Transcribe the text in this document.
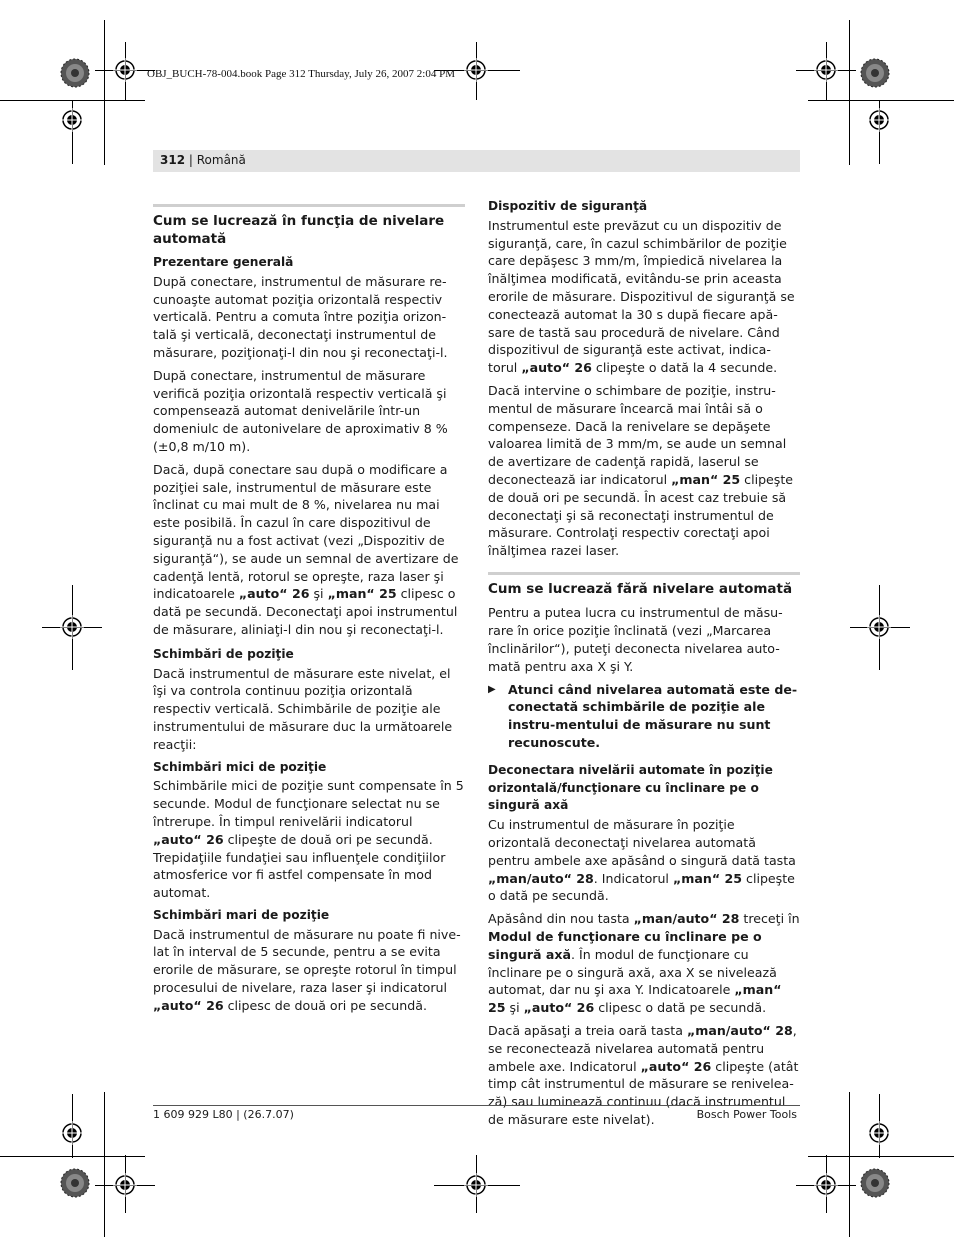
OBJ_BUCH-78-004.book Page 312 Thursday, July 26, 2007 2:04 PM
312 | Română
Cum se lucrează în funcţia de nivelare automată
Prezentare generală

După conectare, instrumentul de măsurare re-cunoaşte automat poziţia orizontală respectiv verticală. Pentru a comuta între poziţia orizon-tală şi verticală, deconectaţi instrumentul de măsurare, poziţionaţi-l din nou şi reconectaţi-l.

După conectare, instrumentul de măsurare verifică poziţia orizontală respectiv verticală şi compensează automat denivelările într-un domeniulc de autonivelare de aproximativ 8 % (±0,8 m/10 m).

Dacă, după conectare sau după o modificare a poziţiei sale, instrumentul de măsurare este înclinat cu mai mult de 8 %, nivelarea nu mai este posibilă. În cazul în care dispozitivul de siguranţă nu a fost activat (vezi „Dispozitiv de siguranţă“), se aude un semnal de avertizare de cadenţă lentă, rotorul se opreşte, raza laser şi indicatoarele „auto“ 26 şi „man“ 25 clipesc o dată pe secundă. Deconectaţi apoi instrumentul de măsurare, aliniaţi-l din nou şi reconectaţi-l.

Schimbări de poziţie

Dacă instrumentul de măsurare este nivelat, el îşi va controla continuu poziţia orizontală respectiv verticală. Schimbările de poziţie ale instrumentului de măsurare duc la următoarele reacţii:

Schimbări mici de poziţie

Schimbările mici de poziţie sunt compensate în 5 secunde. Modul de funcţionare selectat nu se întrerupe. În timpul renivelării indicatorul „auto“ 26 clipeşte de două ori pe secundă. Trepidaţiile fundaţiei sau influenţele condiţiilor atmosferice vor fi astfel compensate în mod automat.

Schimbări mari de poziţie

Dacă instrumentul de măsurare nu poate fi nive-lat în interval de 5 secunde, pentru a se evita erorile de măsurare, se opreşte rotorul în timpul procesului de nivelare, raza laser şi indicatorul „auto“ 26 clipesc de două ori pe secundă.

Dispozitiv de siguranţă

Instrumentul este prevăzut cu un dispozitiv de siguranţă, care, în cazul schimbărilor de poziţie care depăşesc 3 mm/m, împiedică nivelarea la înălţimea modificată, evitându-se prin aceasta erorile de măsurare. Dispozitivul de siguranţă se conectează automat la 30 s după fiecare apă-sare de tastă sau procedură de nivelare. Când dispozitivul de siguranţă este activat, indica-torul „auto“ 26 clipeşte o dată la 4 secunde.

Dacă intervine o schimbare de poziţie, instru-mentul de măsurare încearcă mai întâi să o compenseze. Dacă la renivelare se depăşete valoarea limită de 3 mm/m, se aude un semnal de avertizare de cadenţă rapidă, laserul se deconectează iar indicatorul „man“ 25 clipeşte de două ori pe secundă. În acest caz trebuie să deconectaţi şi să reconectaţi instrumentul de măsurare. Controlaţi respectiv corectaţi apoi înălţimea razei laser.

Cum se lucrează fără nivelare automată

Pentru a putea lucra cu instrumentul de măsu-rare în orice poziţie înclinată (vezi „Marcarea înclinărilor“), puteţi deconecta nivelarea auto-mată pentru axa X şi Y.

▶ Atunci când nivelarea automată este de-conectată schimbările de poziţie ale instru-mentului de măsurare nu sunt recunoscute.
Deconectara nivelării automate în poziţie orizontală/funcţionare cu înclinare pe o singură axă

Cu instrumentul de măsurare în poziţie orizontală deconectaţi nivelarea automată pentru ambele axe apăsând o singură dată tasta „man/auto“ 28. Indicatorul „man“ 25 clipeşte o dată pe secundă.

Apăsând din nou tasta „man/auto“ 28 treceţi în Modul de funcţionare cu înclinare pe o singură axă. În modul de funcţionare cu înclinare pe o singură axă, axa X se nivelează automat, dar nu şi axa Y. Indicatoarele „man“ 25 şi „auto“ 26 clipesc o dată pe secundă.

Dacă apăsaţi a treia oară tasta „man/auto“ 28, se reconectează nivelarea automată pentru ambele axe. Indicatorul „auto“ 26 clipeşte (atât timp cât instrumentul de măsurare se renivelea-ză) sau luminează continuu (dacă instrumentul de măsurare este nivelat).

1 609 929 L80 | (26.7.07)	Bosch Power Tools
